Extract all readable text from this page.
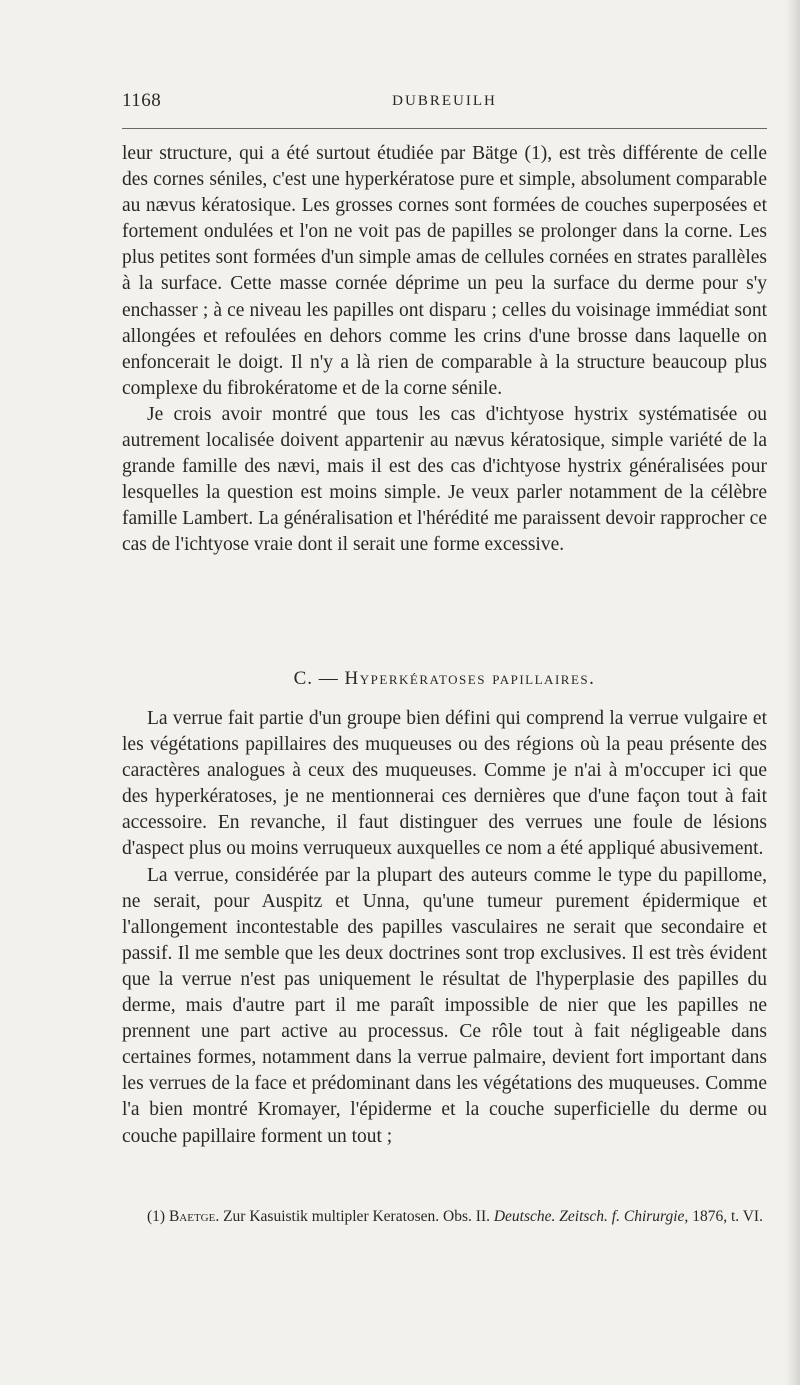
1168	DUBREUILH

leur structure, qui a été surtout étudiée par Bätge (1), est très différente de celle des cornes séniles, c'est une hyperkératose pure et simple, absolument comparable au nævus kératosique. Les grosses cornes sont formées de couches superposées et fortement ondulées et l'on ne voit pas de papilles se prolonger dans la corne. Les plus petites sont formées d'un simple amas de cellules cornées en strates parallèles à la surface. Cette masse cornée déprime un peu la surface du derme pour s'y enchasser ; à ce niveau les papilles ont disparu ; celles du voisinage immédiat sont allongées et refoulées en dehors comme les crins d'une brosse dans laquelle on enfoncerait le doigt. Il n'y a là rien de comparable à la structure beaucoup plus complexe du fibrokératome et de la corne sénile.

Je crois avoir montré que tous les cas d'ichtyose hystrix systématisée ou autrement localisée doivent appartenir au nævus kératosique, simple variété de la grande famille des nævi, mais il est des cas d'ichtyose hystrix généralisées pour lesquelles la question est moins simple. Je veux parler notamment de la célèbre famille Lambert. La généralisation et l'hérédité me paraissent devoir rapprocher ce cas de l'ichtyose vraie dont il serait une forme excessive.

C. — Hyperkératoses papillaires.

La verrue fait partie d'un groupe bien défini qui comprend la verrue vulgaire et les végétations papillaires des muqueuses ou des régions où la peau présente des caractères analogues à ceux des muqueuses. Comme je n'ai à m'occuper ici que des hyperkératoses, je ne mentionnerai ces dernières que d'une façon tout à fait accessoire. En revanche, il faut distinguer des verrues une foule de lésions d'aspect plus ou moins verruqueux auxquelles ce nom a été appliqué abusivement.

La verrue, considérée par la plupart des auteurs comme le type du papillome, ne serait, pour Auspitz et Unna, qu'une tumeur purement épidermique et l'allongement incontestable des papilles vasculaires ne serait que secondaire et passif. Il me semble que les deux doctrines sont trop exclusives. Il est très évident que la verrue n'est pas uniquement le résultat de l'hyperplasie des papilles du derme, mais d'autre part il me paraît impossible de nier que les papilles ne prennent une part active au processus. Ce rôle tout à fait négligeable dans certaines formes, notamment dans la verrue palmaire, devient fort important dans les verrues de la face et prédominant dans les végétations des muqueuses. Comme l'a bien montré Kromayer, l'épiderme et la couche superficielle du derme ou couche papillaire forment un tout ;

(1) Baetge. Zur Kasuistik multipler Keratosen. Obs. II. Deutsche. Zeitsch. f. Chirurgie, 1876, t. VI.
